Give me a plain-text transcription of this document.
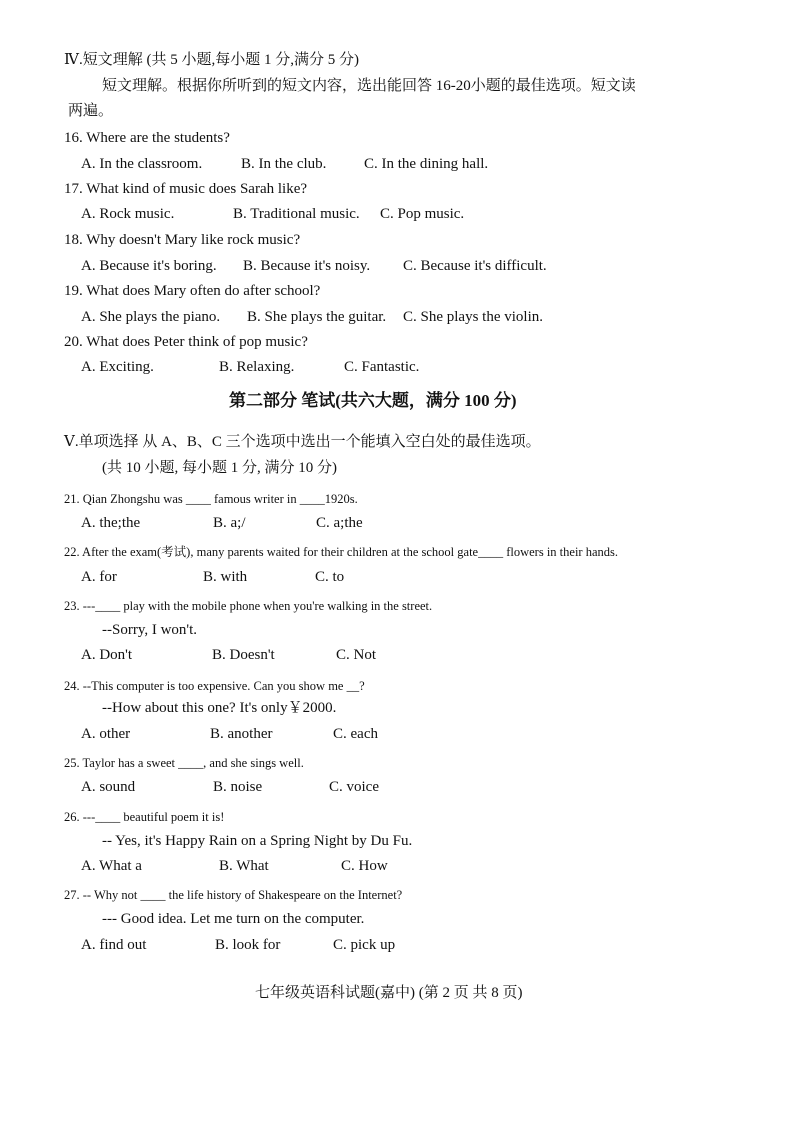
Ⅳ.短文理解 (共 5 小题,每小题 1 分,满分 5 分)
短文理解。根据你所听到的短文内容，选出能回答 16-20小题的最佳选项。短文读
两遍。
16. Where are the students?
A. In the classroom.	B. In the club.	C. In the dining hall.
17. What kind of music does Sarah like?
A. Rock music.	B. Traditional music. C. Pop music.
18. Why doesn't Mary like rock music?
A. Because it's boring. B. Because it's noisy. C. Because it's difficult.
19. What does Mary often do after school?
A. She plays the piano. B. She plays the guitar. C. She plays the violin.
20. What does Peter think of pop music?
A. Exciting.	B. Relaxing.	C. Fantastic.
第二部分 笔试(共六大题，满分 100 分)
Ⅴ.单项选择 从 A、B、C 三个选项中选出一个能填入空白处的最佳选项。
(共 10 小题, 每小题 1 分, 满分 10 分)
21. Qian Zhongshu was ____ famous writer in ____1920s.
A. the;the	B. a;/	C. a;the
22. After the exam(考试), many parents waited for their children at the school gate____ flowers in their hands.
A. for	B. with	C. to
23. ---____ play with the mobile phone when you're walking in the street.
--Sorry, I won't.
A. Don't	B. Doesn't	C. Not
24. --This computer is too expensive. Can you show me __?
--How about this one? It's only￥2000.
A. other	B. another	C. each
25. Taylor has a sweet ____, and she sings well.
A. sound	B. noise	C. voice
26. ---____ beautiful poem it is!
-- Yes, it's Happy Rain on a Spring Night by Du Fu.
A. What a	B. What	C. How
27. -- Why not ____ the life history of Shakespeare on the Internet?
--- Good idea. Let me turn on the computer.
A. find out	B. look for	C. pick up
七年级英语科试题(嘉中) (第 2 页 共 8 页)
